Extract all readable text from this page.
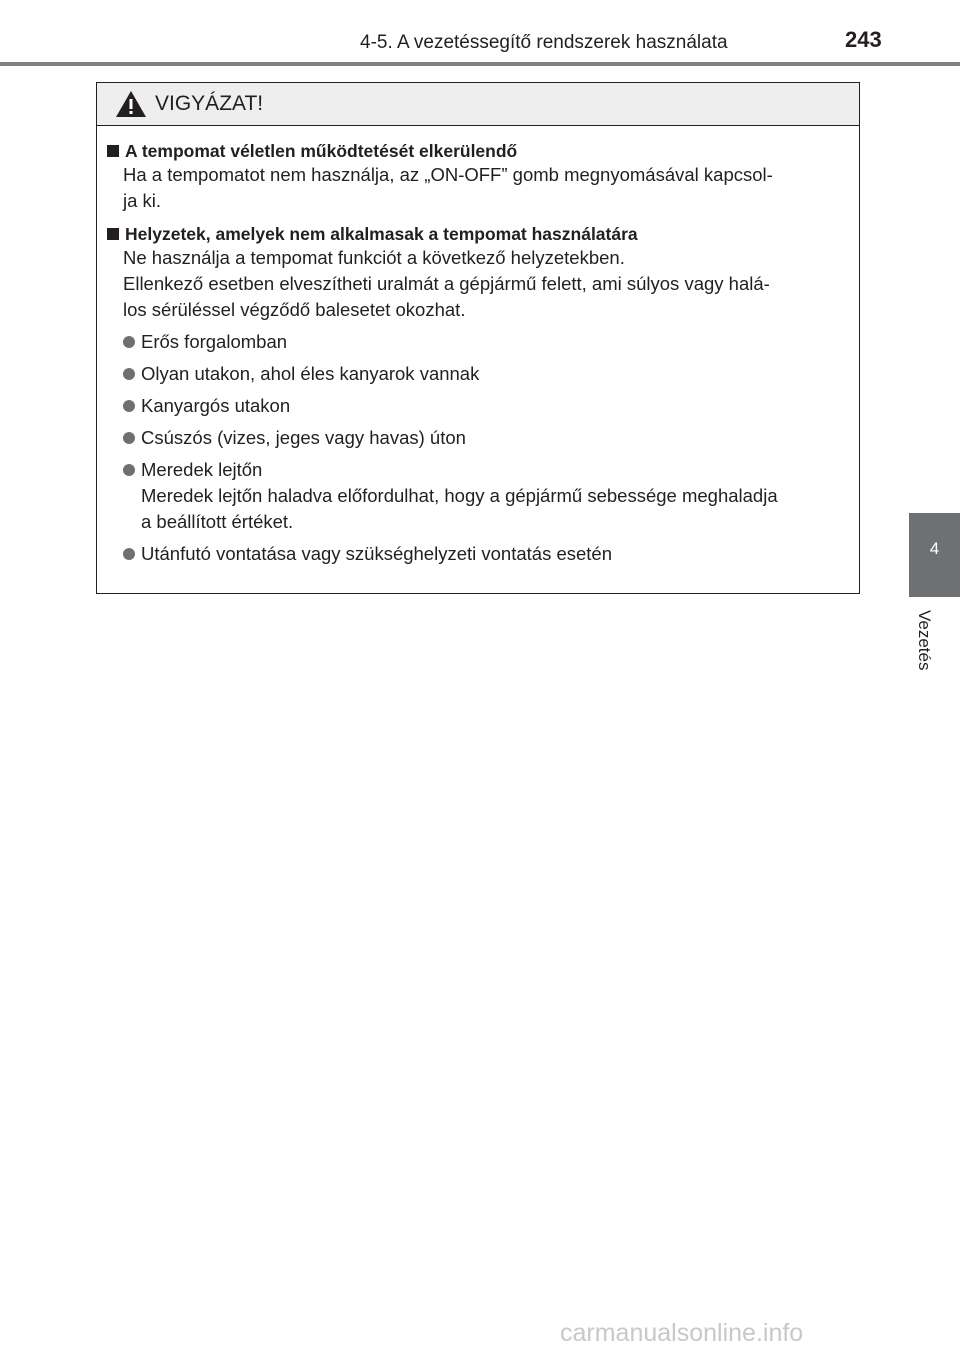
4-5. A vezetéssegítő rendszerek használata	243
4
Vezetés
VIGYÁZAT!
A tempomat véletlen működtetését elkerülendő
Ha a tempomatot nem használja, az „ON-OFF” gomb megnyomásával kapcsol-
ja ki.
Helyzetek, amelyek nem alkalmasak a tempomat használatára
Ne használja a tempomat funkciót a következő helyzetekben.
Ellenkező esetben elveszítheti uralmát a gépjármű felett, ami súlyos vagy halá-
los sérüléssel végződő balesetet okozhat.
Erős forgalomban
Olyan utakon, ahol éles kanyarok vannak
Kanyargós utakon
Csúszós (vizes, jeges vagy havas) úton
Meredek lejtőn
Meredek lejtőn haladva előfordulhat, hogy a gépjármű sebessége meghaladja
a beállított értéket.
Utánfutó vontatása vagy szükséghelyzeti vontatás esetén
carmanualsonline.info
